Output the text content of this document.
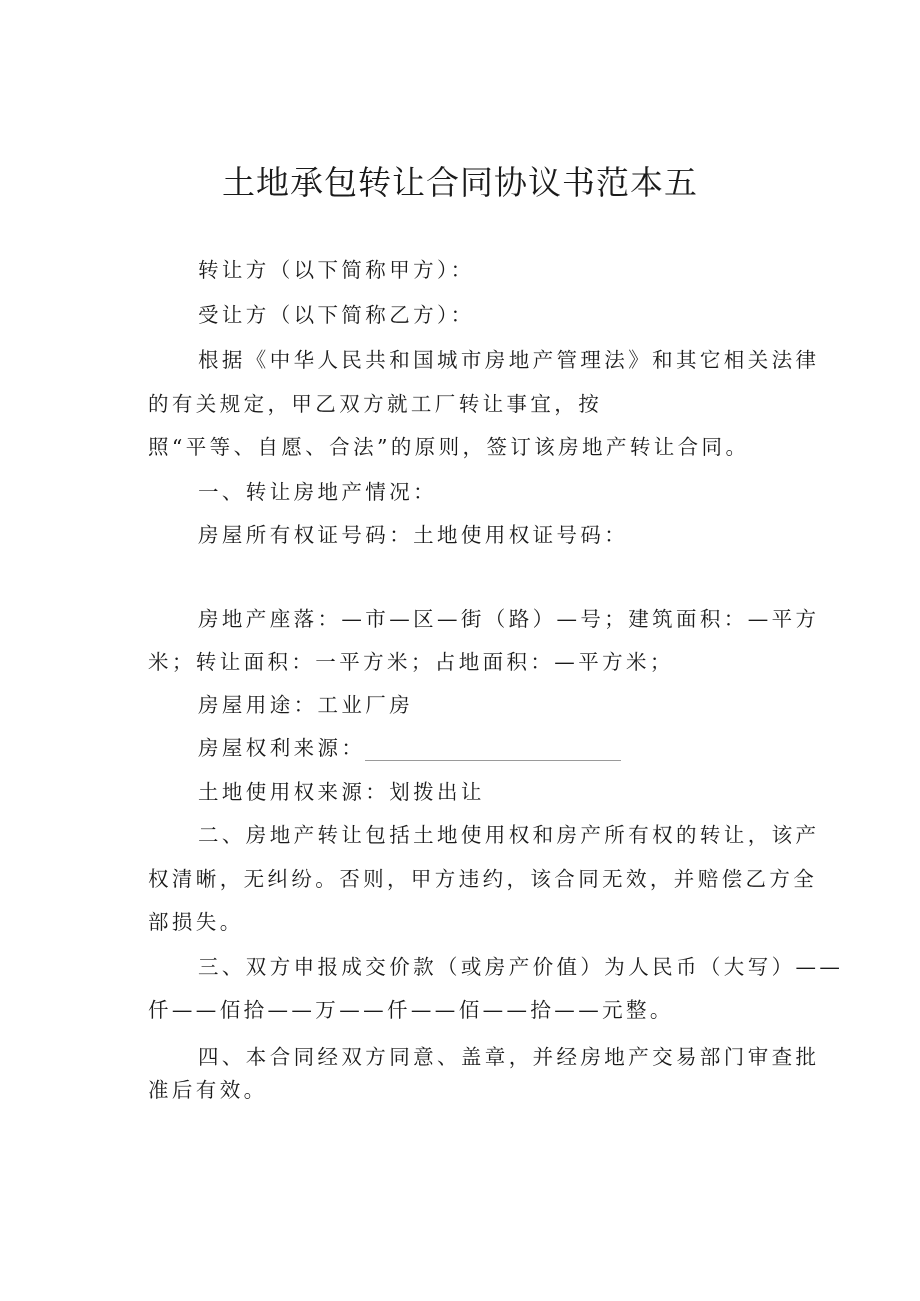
土地承包转让合同协议书范本五
转让方（以下简称甲方）：
受让方（以下简称乙方）：
根据《中华人民共和国城市房地产管理法》和其它相关法律
的有关规定，甲乙双方就工厂转让事宜，按
照“平等、自愿、合法”的原则，签订该房地产转让合同。
一、转让房地产情况：
房屋所有权证号码：土地使用权证号码：
房地产座落：—市—区—街（路）—号；建筑面积：—平方
米；转让面积：一平方米；占地面积：—平方米；
房屋用途：工业厂房
房屋权利来源：
土地使用权来源：划拨出让
二、房地产转让包括土地使用权和房产所有权的转让，该产
权清晰，无纠纷。否则，甲方违约，该合同无效，并赔偿乙方全
部损失。
三、双方申报成交价款（或房产价值）为人民币（大写）——
仟——佰拾——万——仟——佰——拾——元整。
四、本合同经双方同意、盖章，并经房地产交易部门审查批
准后有效。
